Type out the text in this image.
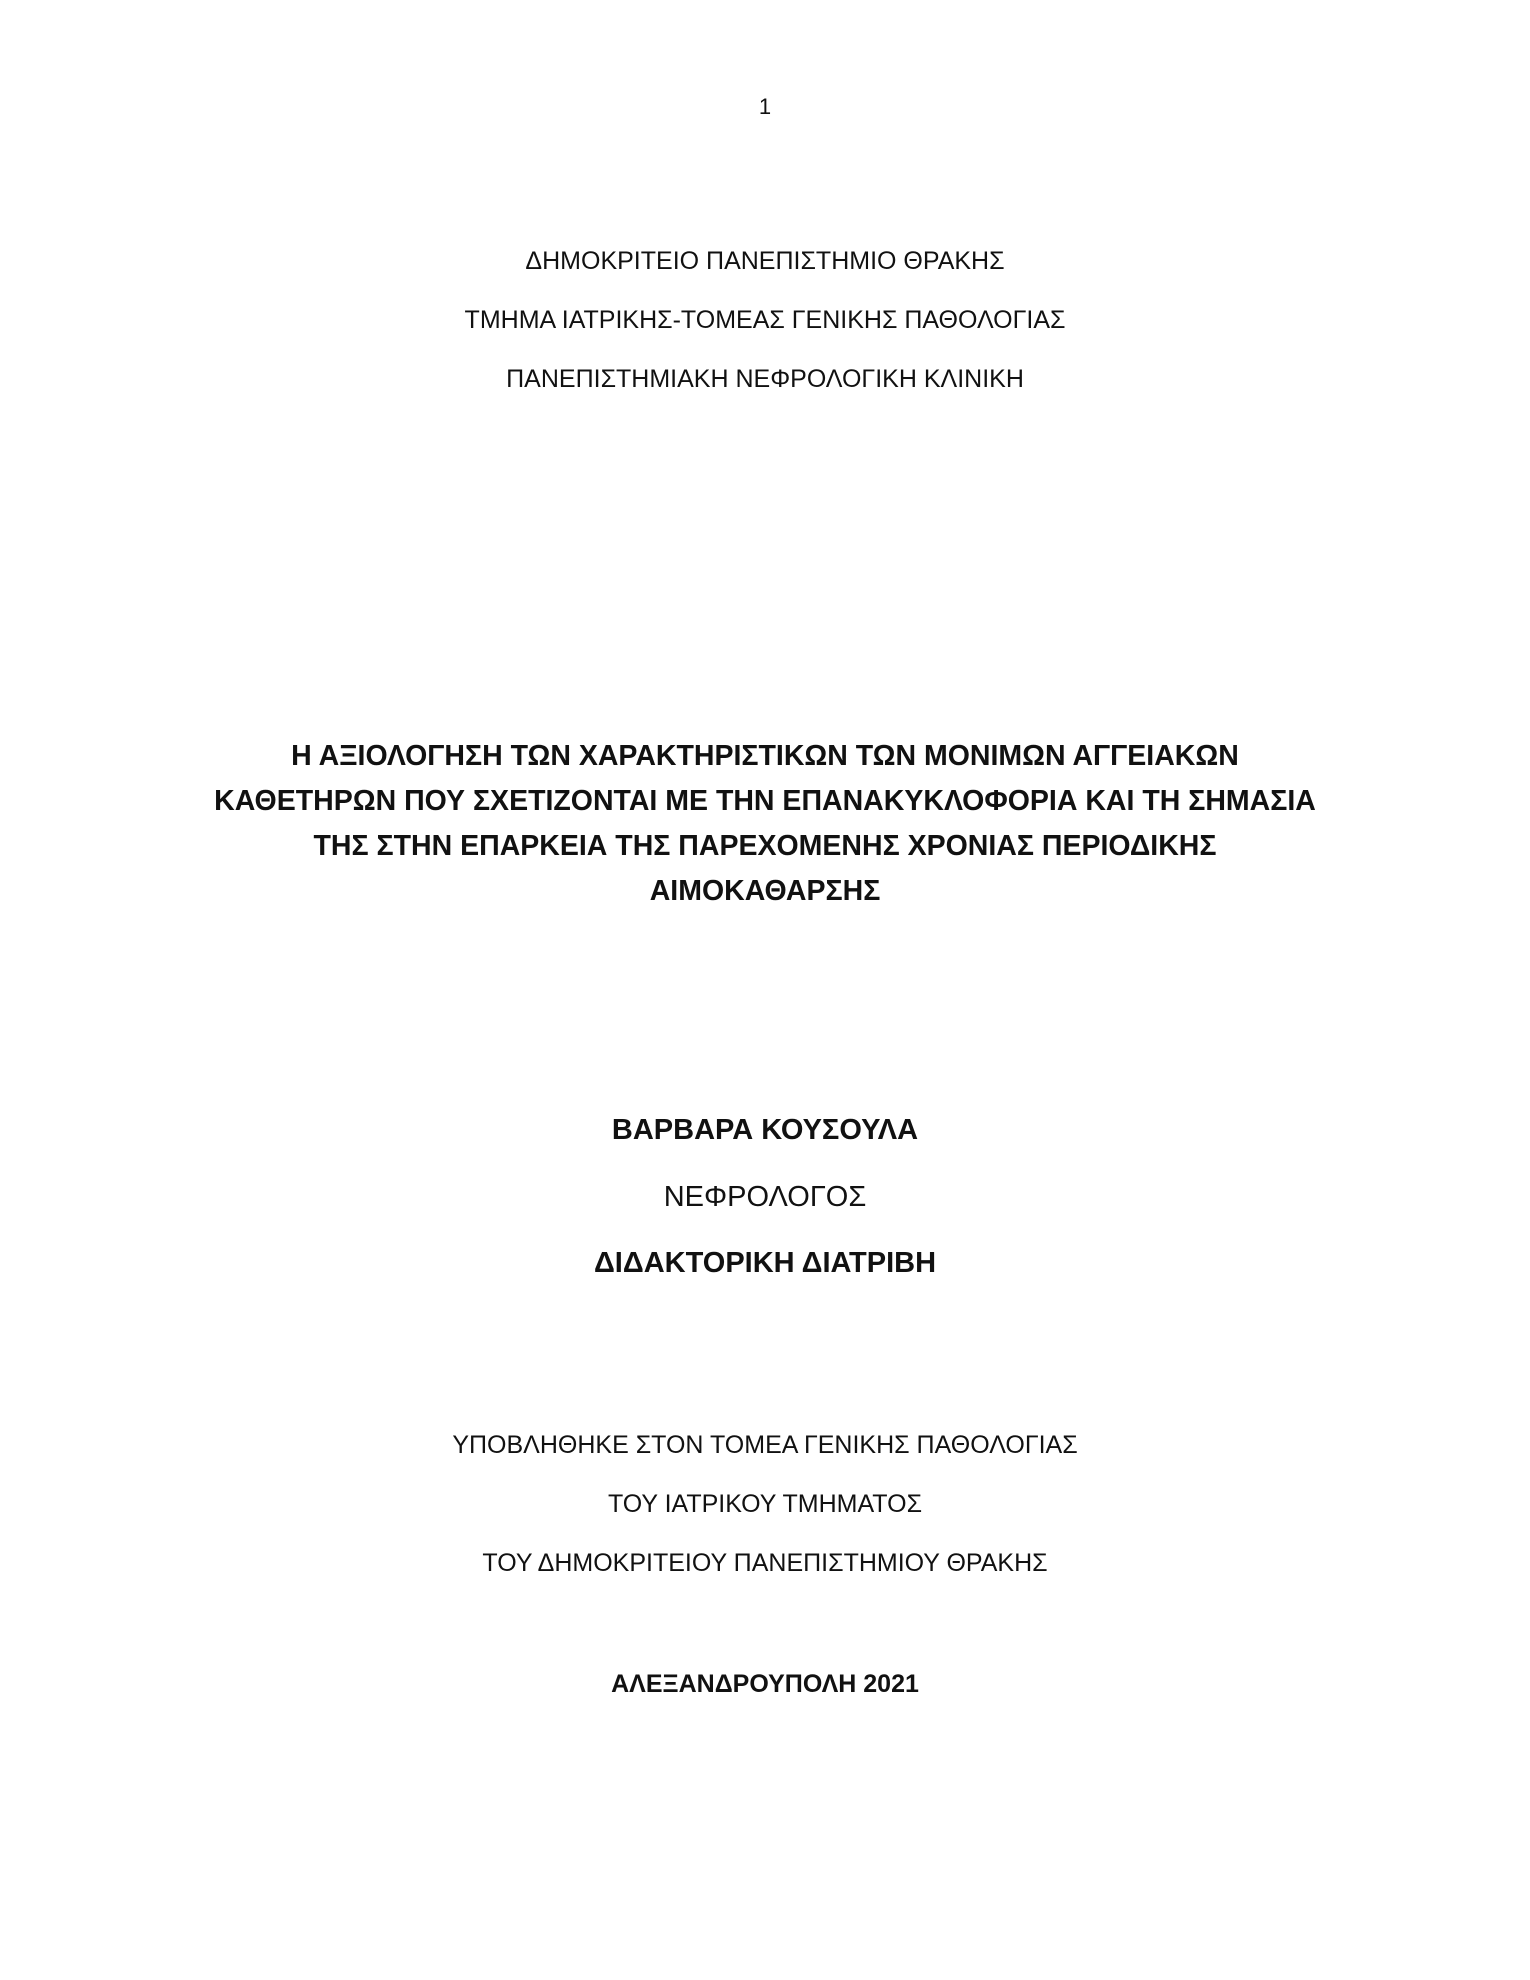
1
ΔΗΜΟΚΡΙΤΕΙΟ ΠΑΝΕΠΙΣΤΗΜΙΟ ΘΡΑΚΗΣ
ΤΜΗΜΑ ΙΑΤΡΙΚΗΣ-ΤΟΜΕΑΣ ΓΕΝΙΚΗΣ ΠΑΘΟΛΟΓΙΑΣ
ΠΑΝΕΠΙΣΤΗΜΙΑΚΗ ΝΕΦΡΟΛΟΓΙΚΗ ΚΛΙΝΙΚΗ
Η ΑΞΙΟΛΟΓΗΣΗ ΤΩΝ ΧΑΡΑΚΤΗΡΙΣΤΙΚΩΝ ΤΩΝ ΜΟΝΙΜΩΝ ΑΓΓΕΙΑΚΩΝ
ΚΑΘΕΤΗΡΩΝ ΠΟΥ ΣΧΕΤΙΖΟΝΤΑΙ ΜΕ ΤΗΝ ΕΠΑΝΑΚΥΚΛΟΦΟΡΙΑ ΚΑΙ ΤΗ ΣΗΜΑΣΙΑ
ΤΗΣ ΣΤΗΝ ΕΠΑΡΚΕΙΑ ΤΗΣ ΠΑΡΕΧΟΜΕΝΗΣ ΧΡΟΝΙΑΣ ΠΕΡΙΟΔΙΚΗΣ
ΑΙΜΟΚΑΘΑΡΣΗΣ
ΒΑΡΒΑΡΑ ΚΟΥΣΟΥΛΑ
ΝΕΦΡΟΛΟΓΟΣ
ΔΙΔΑΚΤΟΡΙΚΗ ΔΙΑΤΡΙΒΗ
ΥΠΟΒΛΗΘΗΚΕ ΣΤΟΝ ΤΟΜΕΑ ΓΕΝΙΚΗΣ ΠΑΘΟΛΟΓΙΑΣ
ΤΟΥ ΙΑΤΡΙΚΟΥ ΤΜΗΜΑΤΟΣ
ΤΟΥ ΔΗΜΟΚΡΙΤΕΙΟΥ ΠΑΝΕΠΙΣΤΗΜΙΟΥ ΘΡΑΚΗΣ
ΑΛΕΞΑΝΔΡΟΥΠΟΛΗ 2021
